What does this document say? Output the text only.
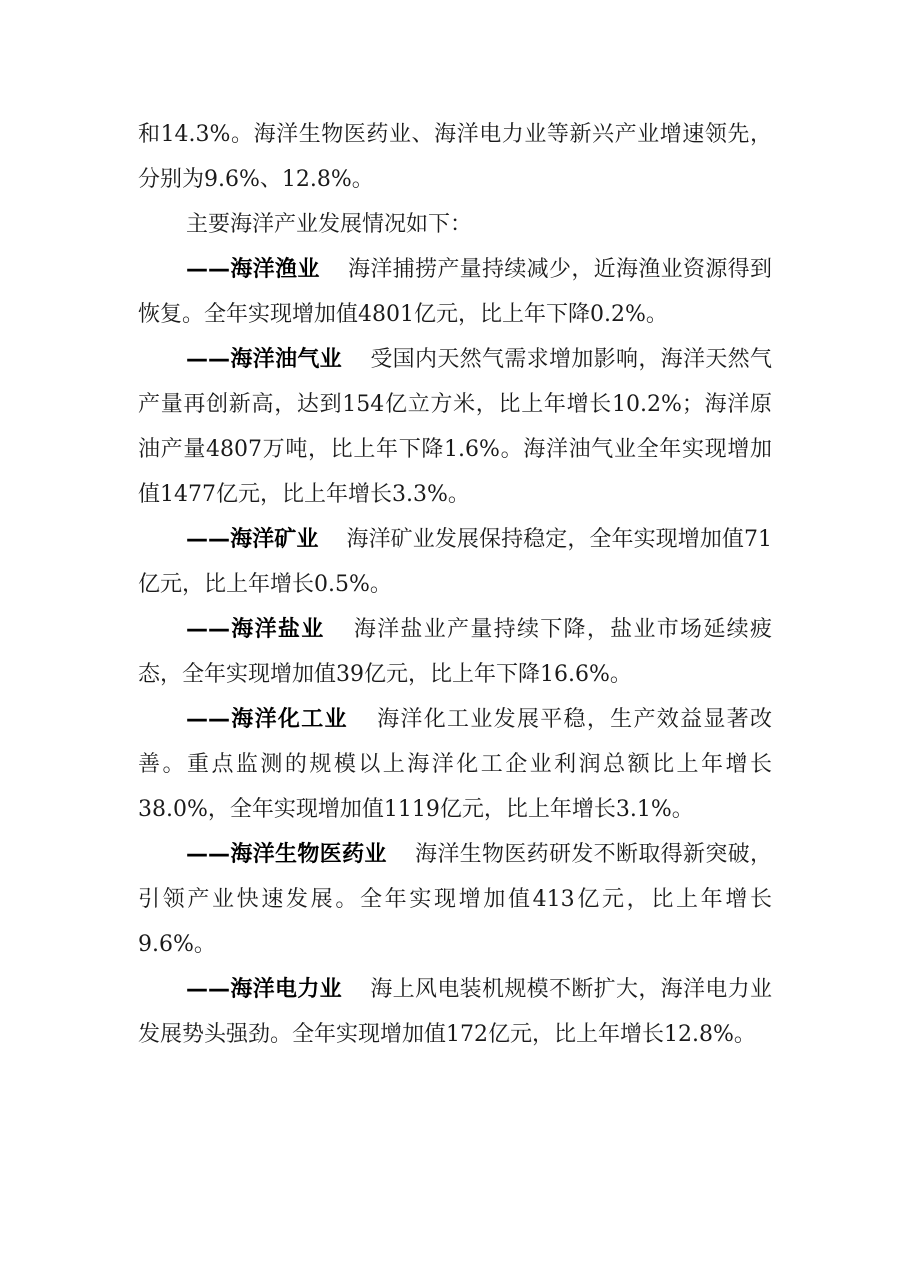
和14.3%。海洋生物医药业、海洋电力业等新兴产业增速领先，分别为9.6%、12.8%。

主要海洋产业发展情况如下：

——海洋渔业 海洋捕捞产量持续减少，近海渔业资源得到恢复。全年实现增加值4801亿元，比上年下降0.2%。

——海洋油气业 受国内天然气需求增加影响，海洋天然气产量再创新高，达到154亿立方米，比上年增长10.2%；海洋原油产量4807万吨，比上年下降1.6%。海洋油气业全年实现增加值1477亿元，比上年增长3.3%。

——海洋矿业 海洋矿业发展保持稳定，全年实现增加值71亿元，比上年增长0.5%。

——海洋盐业 海洋盐业产量持续下降，盐业市场延续疲态，全年实现增加值39亿元，比上年下降16.6%。

——海洋化工业 海洋化工业发展平稳，生产效益显著改善。重点监测的规模以上海洋化工企业利润总额比上年增长38.0%，全年实现增加值1119亿元，比上年增长3.1%。

——海洋生物医药业 海洋生物医药研发不断取得新突破，引领产业快速发展。全年实现增加值413亿元，比上年增长9.6%。

——海洋电力业 海上风电装机规模不断扩大，海洋电力业发展势头强劲。全年实现增加值172亿元，比上年增长12.8%。
